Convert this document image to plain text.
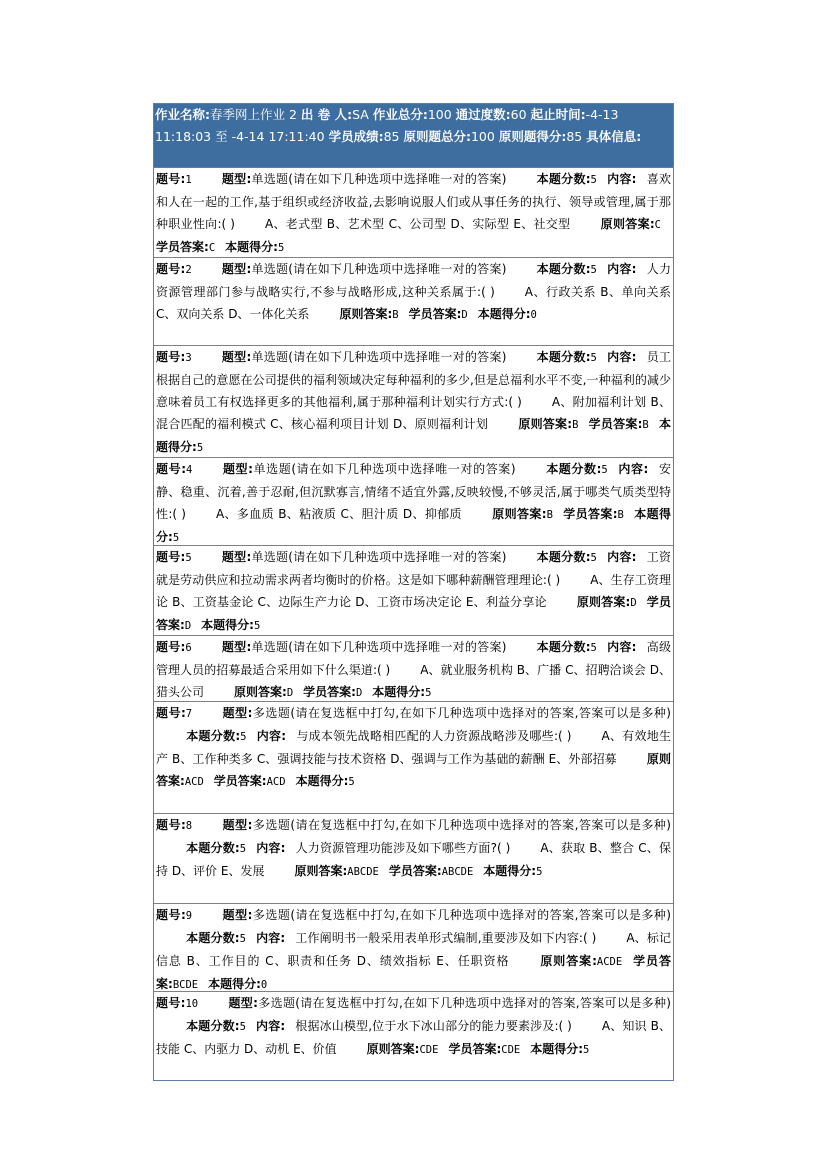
作业名称:春季网上作业 2 出 卷 人:SA 作业总分:100 通过度数:60 起止时间:-4-13 11:18:03 至 -4-14 17:11:40 学员成绩:85 原则题总分:100 原则题得分:85 具体信息:
题号:1	题型:单选题(请在如下几种选项中选择唯一对的答案)	本题分数:5 内容: 喜欢和人在一起的工作,基于组织或经济收益,去影响说服人们或从事任务的执行、领导或管理,属于那种职业性向:( )	A、老式型 B、艺术型 C、公司型 D、实际型 E、社交型	原则答案:C学员答案:C 本题得分:5
题号:2	题型:单选题(请在如下几种选项中选择唯一对的答案)	本题分数:5 内容: 人力资源管理部门参与战略实行,不参与战略形成,这种关系属于:( )	A、行政关系 B、单向关系 C、双向关系 D、一体化关系	原则答案:B 学员答案:D 本题得分:0
题号:3	题型:单选题(请在如下几种选项中选择唯一对的答案)	本题分数:5 内容: 员工根据自己的意愿在公司提供的福利领域决定每种福利的多少,但是总福利水平不变,一种福利的减少意味着员工有权选择更多的其他福利,属于那种福利计划实行方式:( )	A、附加福利计划 B、混合匹配的福利模式 C、核心福利项目计划 D、原则福利计划	原则答案:B 学员答案:B 本题得分:5
题号:4	题型:单选题(请在如下几种选项中选择唯一对的答案)	本题分数:5 内容: 安静、稳重、沉着,善于忍耐,但沉默寡言,情绪不适宜外露,反映较慢,不够灵活,属于哪类气质类型特性:( )	A、多血质 B、粘液质 C、胆汁质 D、抑郁质	原则答案:B 学员答案:B 本题得分:5
题号:5	题型:单选题(请在如下几种选项中选择唯一对的答案)	本题分数:5 内容: 工资就是劳动供应和拉动需求两者均衡时的价格。这是如下哪种薪酬管理理论:( )	A、生存工资理论 B、工资基金论 C、边际生产力论 D、工资市场决定论 E、利益分享论	原则答案:D 学员答案:D 本题得分:5
题号:6	题型:单选题(请在如下几种选项中选择唯一对的答案)	本题分数:5 内容: 高级管理人员的招募最适合采用如下什么渠道:( )	A、就业服务机构 B、广播 C、招聘洽谈会 D、猎头公司	原则答案:D 学员答案:D 本题得分:5
题号:7	题型:多选题(请在复选框中打勾,在如下几种选项中选择对的答案,答案可以是多种)本题分数:5 内容: 与成本领先战略相匹配的人力资源战略涉及哪些:( )	A、有效地生产 B、工作种类多 C、强调技能与技术资格 D、强调与工作为基础的薪酬 E、外部招募	原则答案:ACD 学员答案:ACD 本题得分:5
题号:8	题型:多选题(请在复选框中打勾,在如下几种选项中选择对的答案,答案可以是多种)本题分数:5 内容: 人力资源管理功能涉及如下哪些方面?( )	A、获取 B、整合 C、保持 D、评价 E、发展	原则答案:ABCDE 学员答案:ABCDE 本题得分:5
题号:9	题型:多选题(请在复选框中打勾,在如下几种选项中选择对的答案,答案可以是多种)本题分数:5 内容: 工作阐明书一般采用表单形式编制,重要涉及如下内容:( )	A、标记信息 B、工作目的 C、职责和任务 D、绩效指标 E、任职资格	原则答案:ACDE 学员答案:BCDE 本题得分:0
题号:10	题型:多选题(请在复选框中打勾,在如下几种选项中选择对的答案,答案可以是多种)本题分数:5 内容: 根据冰山模型,位于水下冰山部分的能力要素涉及:( )	A、知识 B、技能 C、内驱力 D、动机 E、价值	原则答案:CDE 学员答案:CDE 本题得分:5
